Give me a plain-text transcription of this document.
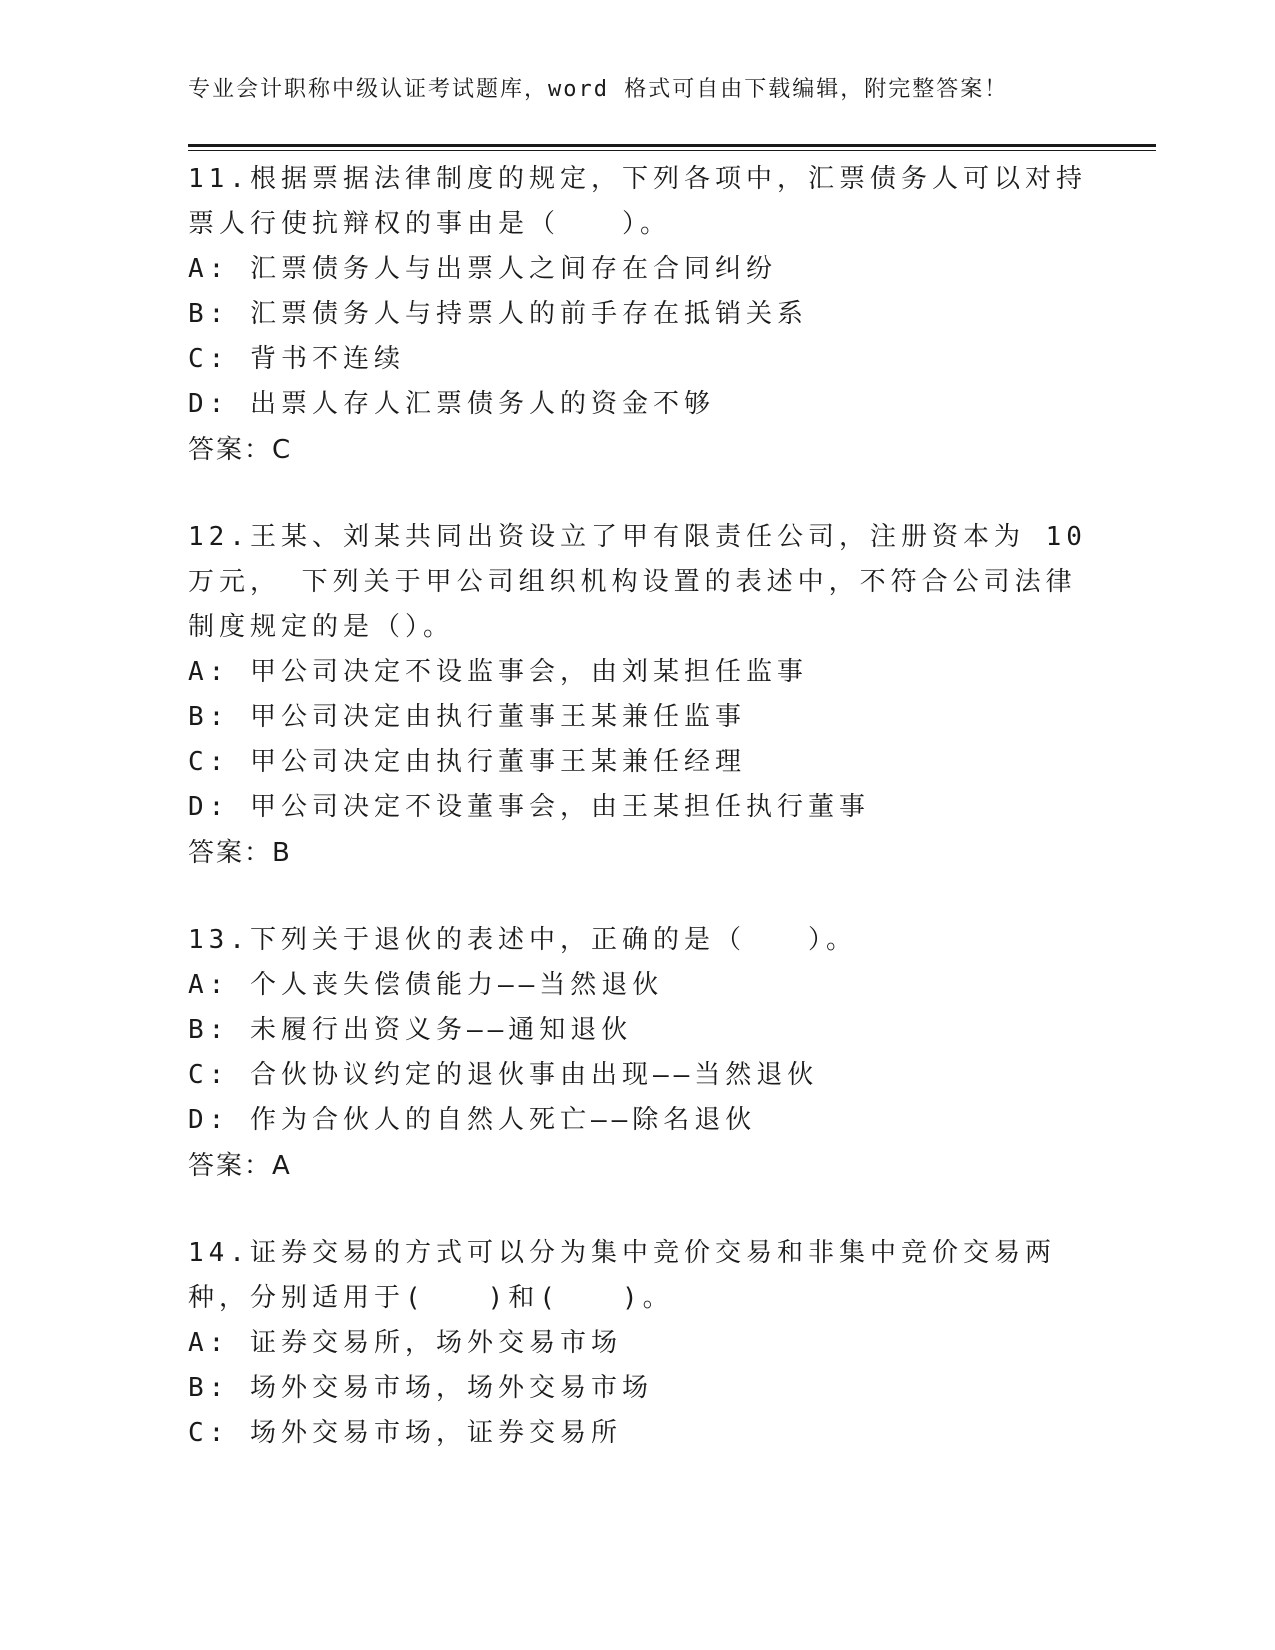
专业会计职称中级认证考试题库，word 格式可自由下载编辑，附完整答案！

11.根据票据法律制度的规定，下列各项中，汇票债务人可以对持票人行使抗辩权的事由是（　　）。

A: 汇票债务人与出票人之间存在合同纠纷

B: 汇票债务人与持票人的前手存在抵销关系

C: 背书不连续

D: 出票人存人汇票债务人的资金不够

答案：C

12.王某、刘某共同出资设立了甲有限责任公司，注册资本为 10 万元， 下列关于甲公司组织机构设置的表述中，不符合公司法律制度规定的是（）。

A: 甲公司决定不设监事会，由刘某担任监事

B: 甲公司决定由执行董事王某兼任监事

C: 甲公司决定由执行董事王某兼任经理

D: 甲公司决定不设董事会，由王某担任执行董事

答案：B

13.下列关于退伙的表述中，正确的是（　　）。

A: 个人丧失偿债能力——当然退伙

B: 未履行出资义务——通知退伙

C: 合伙协议约定的退伙事由出现——当然退伙

D: 作为合伙人的自然人死亡——除名退伙

答案：A

14.证券交易的方式可以分为集中竞价交易和非集中竞价交易两种，分别适用于(　　)和(　　)。

A: 证券交易所，场外交易市场

B: 场外交易市场，场外交易市场

C: 场外交易市场，证券交易所
